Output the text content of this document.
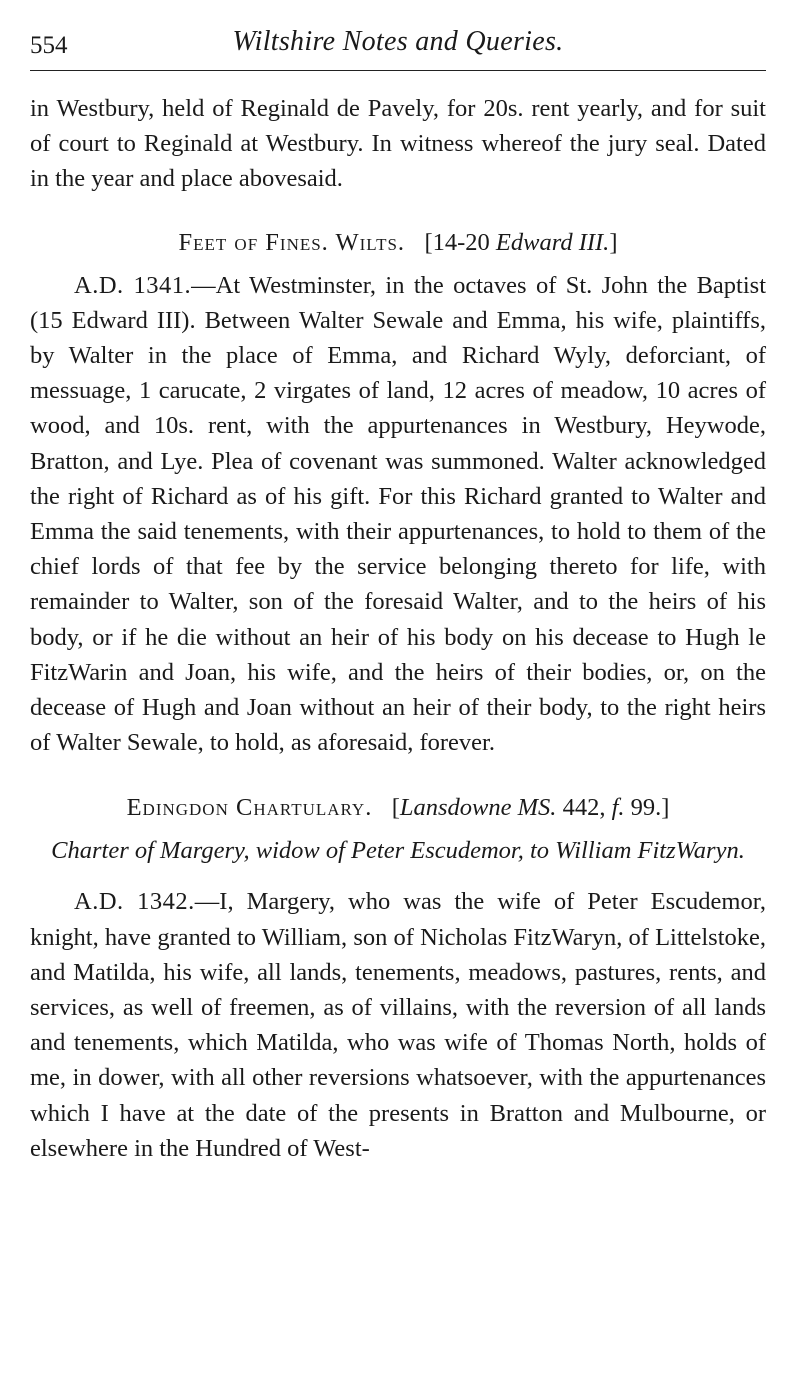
554	Wiltshire Notes and Queries.

in Westbury, held of Reginald de Pavely, for 20s. rent yearly, and for suit of court to Reginald at Westbury. In witness whereof the jury seal. Dated in the year and place abovesaid.

Feet of Fines. Wilts. [14-20 Edward III.]

A.D. 1341.—At Westminster, in the octaves of St. John the Baptist (15 Edward III). Between Walter Sewale and Emma, his wife, plaintiffs, by Walter in the place of Emma, and Richard Wyly, deforciant, of messuage, 1 carucate, 2 virgates of land, 12 acres of meadow, 10 acres of wood, and 10s. rent, with the appurtenances in Westbury, Heywode, Bratton, and Lye. Plea of covenant was summoned. Walter acknowledged the right of Richard as of his gift. For this Richard granted to Walter and Emma the said tenements, with their appurtenances, to hold to them of the chief lords of that fee by the service belonging thereto for life, with remainder to Walter, son of the foresaid Walter, and to the heirs of his body, or if he die without an heir of his body on his decease to Hugh le FitzWarin and Joan, his wife, and the heirs of their bodies, or, on the decease of Hugh and Joan without an heir of their body, to the right heirs of Walter Sewale, to hold, as aforesaid, forever.

Edingdon Chartulary. [Lansdowne MS. 442, f. 99.]
Charter of Margery, widow of Peter Escudemor, to William FitzWaryn.

A.D. 1342.—I, Margery, who was the wife of Peter Escudemor, knight, have granted to William, son of Nicholas FitzWaryn, of Littelstoke, and Matilda, his wife, all lands, tenements, meadows, pastures, rents, and services, as well of freemen, as of villains, with the reversion of all lands and tenements, which Matilda, who was wife of Thomas North, holds of me, in dower, with all other reversions whatsoever, with the appurtenances which I have at the date of the presents in Bratton and Mulbourne, or elsewhere in the Hundred of West-
